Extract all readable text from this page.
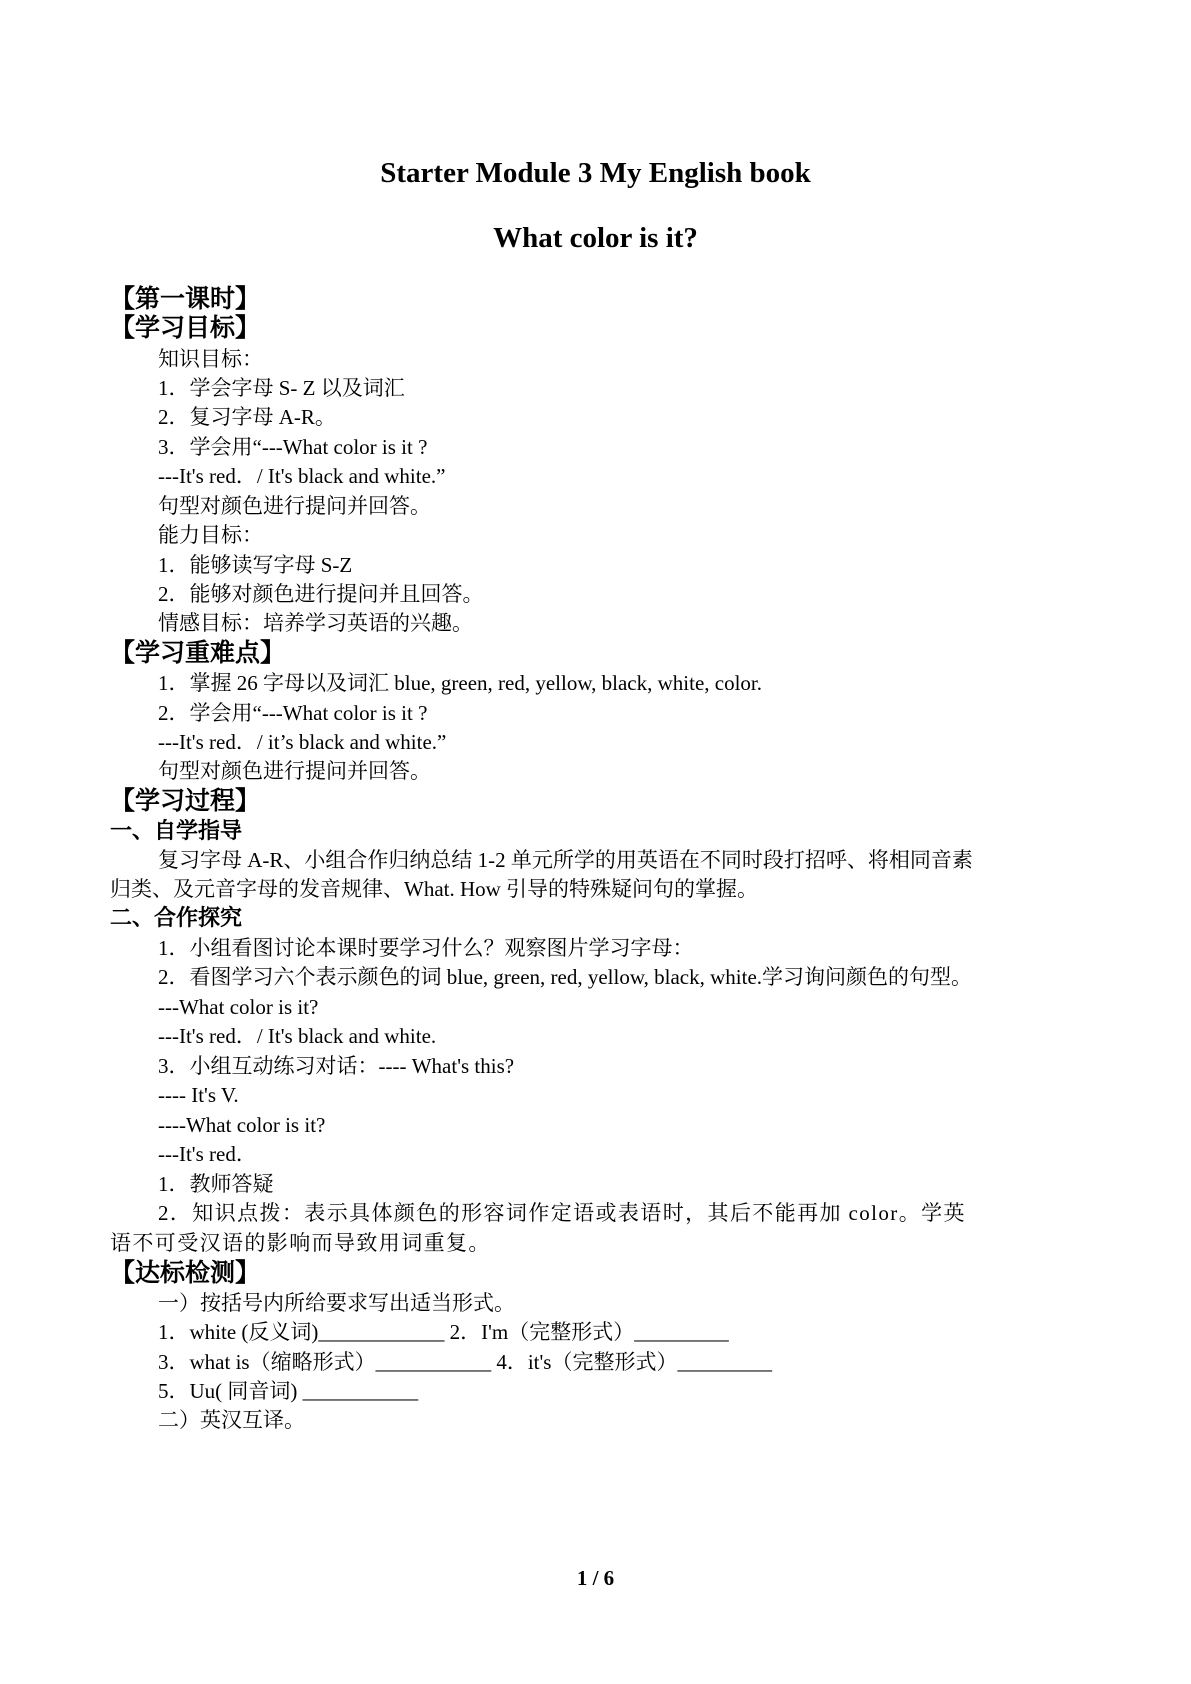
Starter Module 3 My English book
What color is it?
【第一课时】
【学习目标】
知识目标：
1．学会字母 S- Z 以及词汇
2．复习字母 A-R。
3．学会用“---What color is it ?
---It's red．/ It's black and white.”
句型对颜色进行提问并回答。
能力目标：
1．能够读写字母 S-Z
2．能够对颜色进行提问并且回答。
情感目标：培养学习英语的兴趣。
【学习重难点】
1．掌握 26 字母以及词汇 blue, green, red, yellow, black, white, color.
2．学会用“---What color is it ?
---It's red．/ it’s black and white.”
句型对颜色进行提问并回答。
【学习过程】
一、自学指导
复习字母 A-R、小组合作归纳总结 1-2 单元所学的用英语在不同时段打招呼、将相同音素
归类、及元音字母的发音规律、What. How 引导的特殊疑问句的掌握。
二、合作探究
1．小组看图讨论本课时要学习什么？观察图片学习字母：
2．看图学习六个表示颜色的词 blue, green, red, yellow, black, white.学习询问颜色的句型。
---What color is it?
---It's red．/ It's black and white.
3．小组互动练习对话：---- What's this?
---- It's V.
----What color is it?
---It's red．
1．教师答疑
2．知识点拨：表示具体颜色的形容词作定语或表语时，其后不能再加 color。学英
语不可受汉语的影响而导致用词重复。
【达标检测】
一）按括号内所给要求写出适当形式。
1．white (反义词)____________ 2．I'm（完整形式）_________
3．what is（缩略形式）___________ 4．it's（完整形式）_________
5．Uu( 同音词) ___________
二）英汉互译。
1 / 6
